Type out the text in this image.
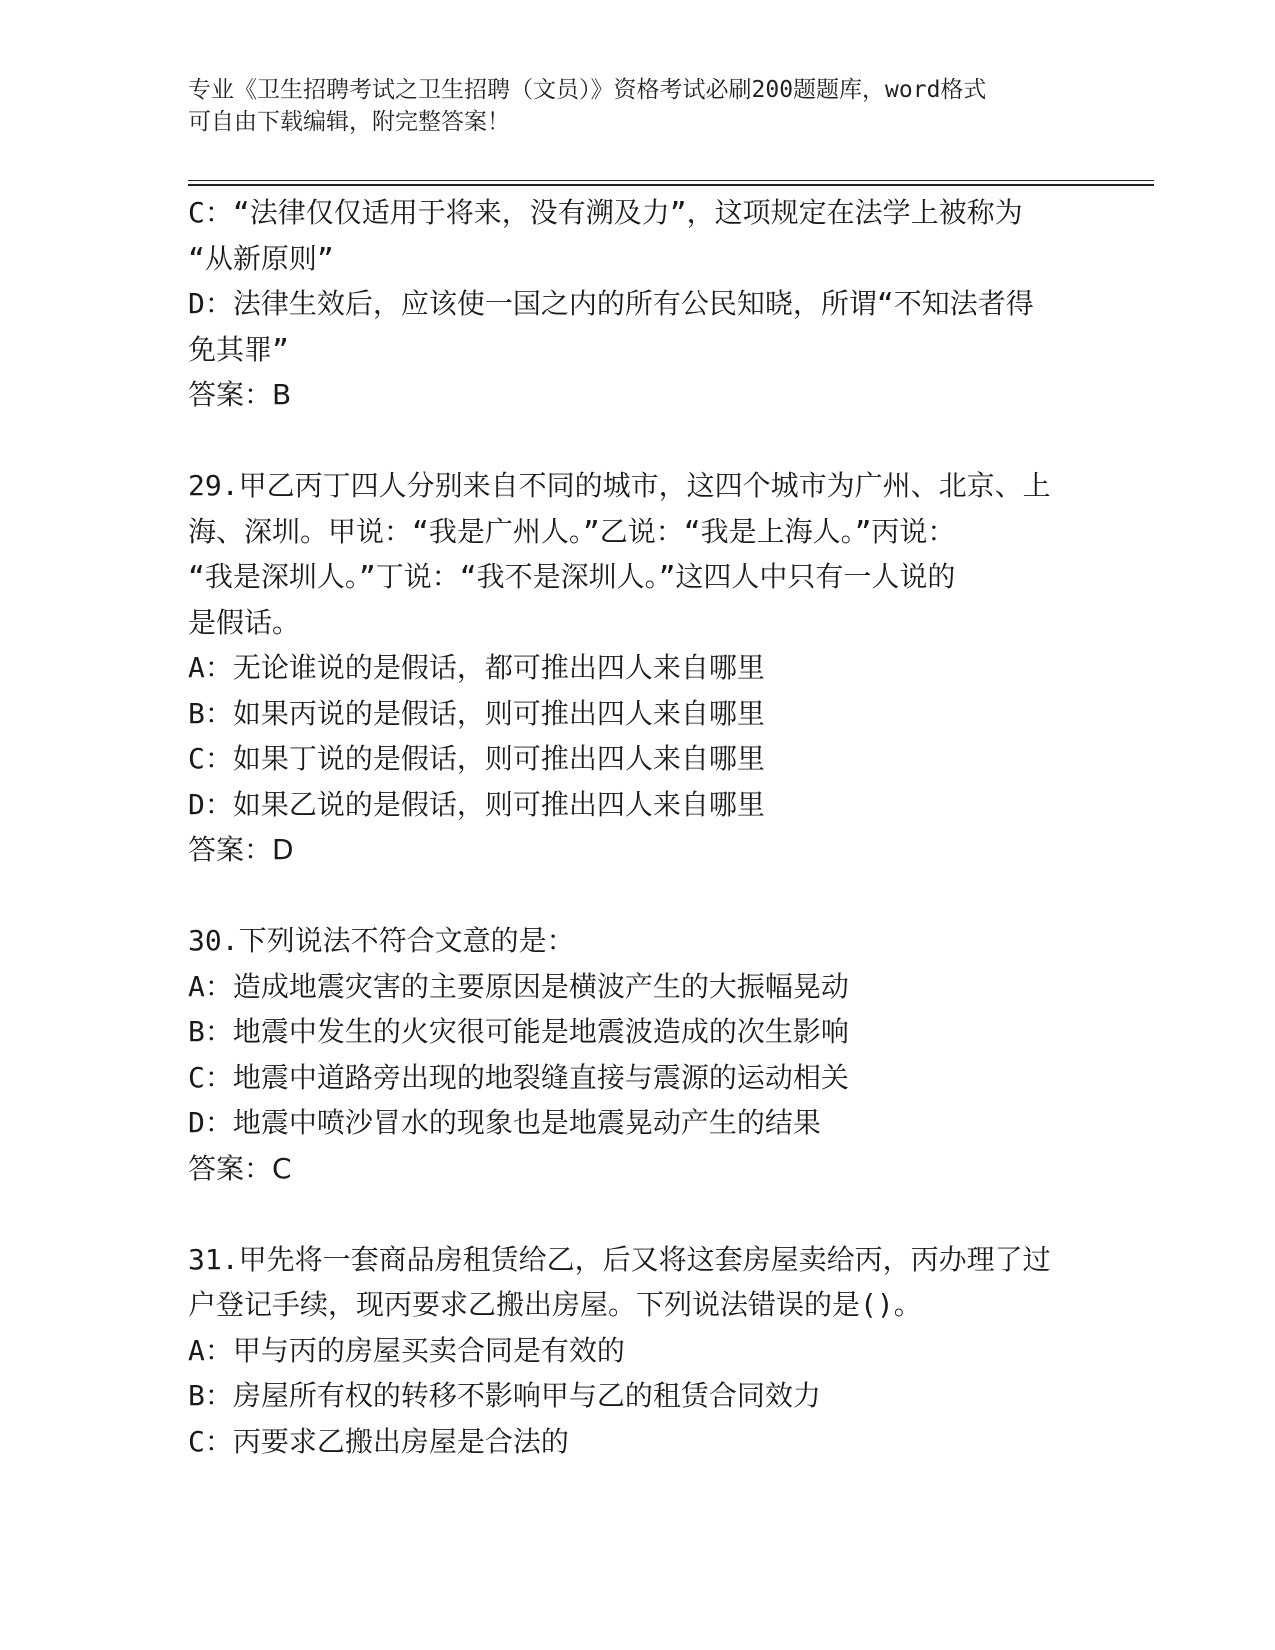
专业《卫生招聘考试之卫生招聘（文员）》资格考试必刷200题题库，word格式
可自由下载编辑，附完整答案！
C：“法律仅仅适用于将来，没有溯及力”，这项规定在法学上被称为
“从新原则”
D：法律生效后，应该使一国之内的所有公民知晓，所谓“不知法者得
免其罪”
答案：B
29.甲乙丙丁四人分别来自不同的城市，这四个城市为广州、北京、上
海、深圳。甲说：“我是广州人。”乙说：“我是上海人。”丙说：
“我是深圳人。”丁说：“我不是深圳人。”这四人中只有一人说的
是假话。
A：无论谁说的是假话，都可推出四人来自哪里
B：如果丙说的是假话，则可推出四人来自哪里
C：如果丁说的是假话，则可推出四人来自哪里
D：如果乙说的是假话，则可推出四人来自哪里
答案：D
30.下列说法不符合文意的是：
A：造成地震灾害的主要原因是横波产生的大振幅晃动
B：地震中发生的火灾很可能是地震波造成的次生影响
C：地震中道路旁出现的地裂缝直接与震源的运动相关
D：地震中喷沙冒水的现象也是地震晃动产生的结果
答案：C
31.甲先将一套商品房租赁给乙，后又将这套房屋卖给丙，丙办理了过
户登记手续，现丙要求乙搬出房屋。下列说法错误的是()。
A：甲与丙的房屋买卖合同是有效的
B：房屋所有权的转移不影响甲与乙的租赁合同效力
C：丙要求乙搬出房屋是合法的
